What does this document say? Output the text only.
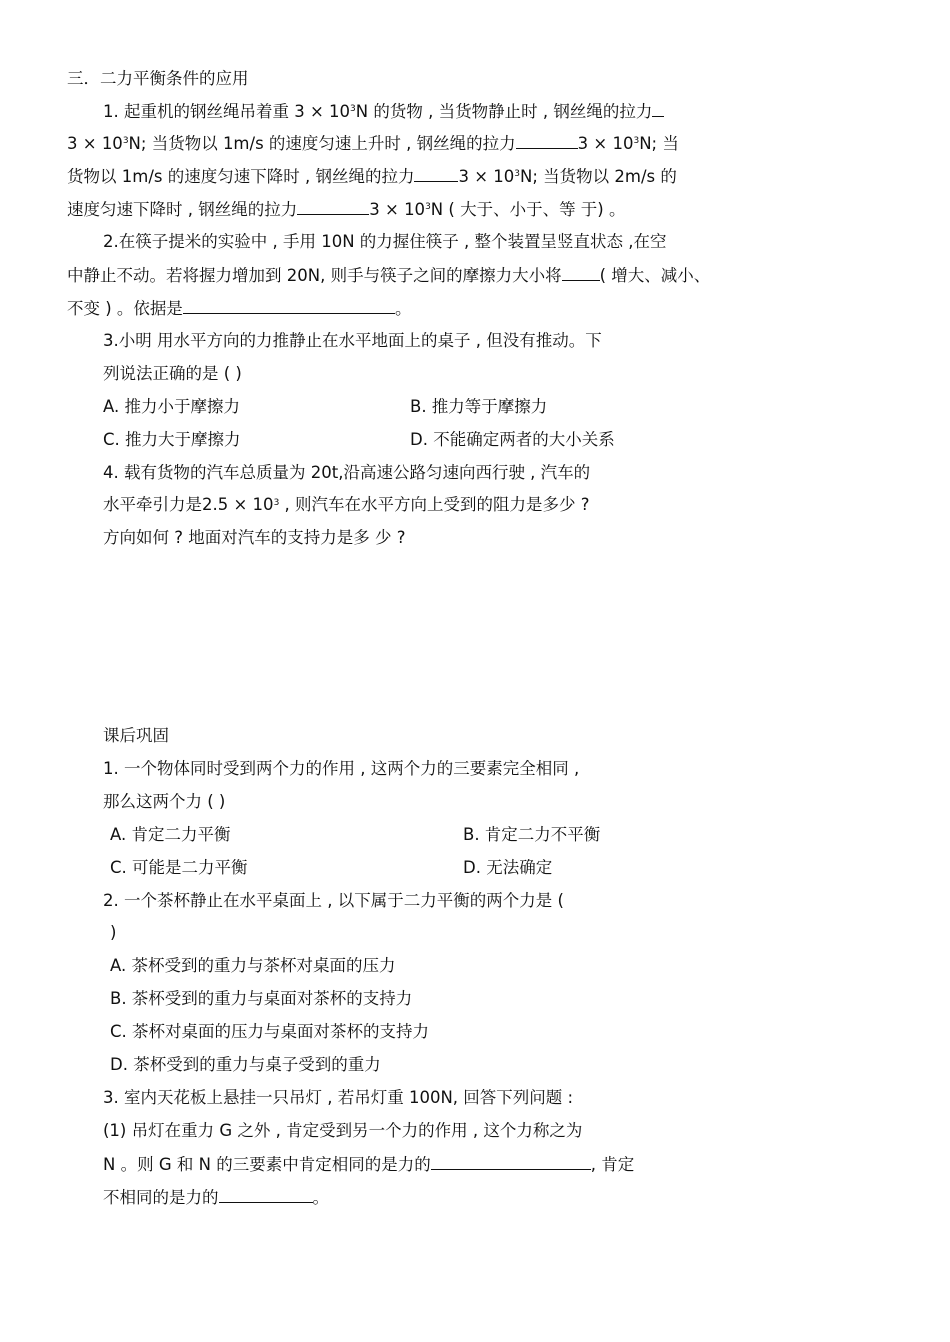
三．二力平衡条件的应用
1. 起重机的钢丝绳吊着重 $3 \times 10^3N$ 的货物 , 当货物静止时 , 钢丝绳的拉力
$3 \times 10^3N$; 当货物以 1m/s 的速度匀速上升时 , 钢丝绳的拉力	$3 \times 10^3N$; 当
货物以 1m/s 的速度匀速下降时 , 钢丝绳的拉力	$3 \times 10^3N$; 当货物以 2m/s 的
速度匀速下降时 , 钢丝绳的拉力	$3 \times 10^3N$ ( 大于、小于、等 于) 。
2.在筷子提米的实验中 , 手用 10N 的力握住筷子 , 整个装置呈竖直状态 ,在空
中静止不动。若将握力增加到 20N, 则手与筷子之间的摩擦力大小将 ( 增大、减小、
不变 ) 。依据是	。
3.小明 用水平方向的力推静止在水平地面上的桌子 , 但没有推动。下
列说法正确的是 ( )
A. 推力小于摩擦力	B. 推力等于摩擦力
C. 推力大于摩擦力	D. 不能确定两者的大小关系
4. 载有货物的汽车总质量为 20t,沿高速公路匀速向西行驶 , 汽车的
水平牵引力是$2.5 \times 10^3$ , 则汽车在水平方向上受到的阻力是多少 ?
方向如何 ? 地面对汽车的支持力是多 少 ?
课后巩固
1. 一个物体同时受到两个力的作用 , 这两个力的三要素完全相同 ,
那么这两个力 ( )
A. 肯定二力平衡	B. 肯定二力不平衡
C. 可能是二力平衡	D. 无法确定
2. 一个茶杯静止在水平桌面上 , 以下属于二力平衡的两个力是 (
)
A. 茶杯受到的重力与茶杯对桌面的压力
B. 茶杯受到的重力与桌面对茶杯的支持力
C. 茶杯对桌面的压力与桌面对茶杯的支持力
D. 茶杯受到的重力与桌子受到的重力
3. 室内天花板上悬挂一只吊灯 , 若吊灯重 100N, 回答下列问题 :
(1) 吊灯在重力 G 之外 , 肯定受到另一个力的作用 , 这个力称之为
N 。则 G 和 N 的三要素中肯定相同的是力的	, 肯定
不相同的是力的	。
